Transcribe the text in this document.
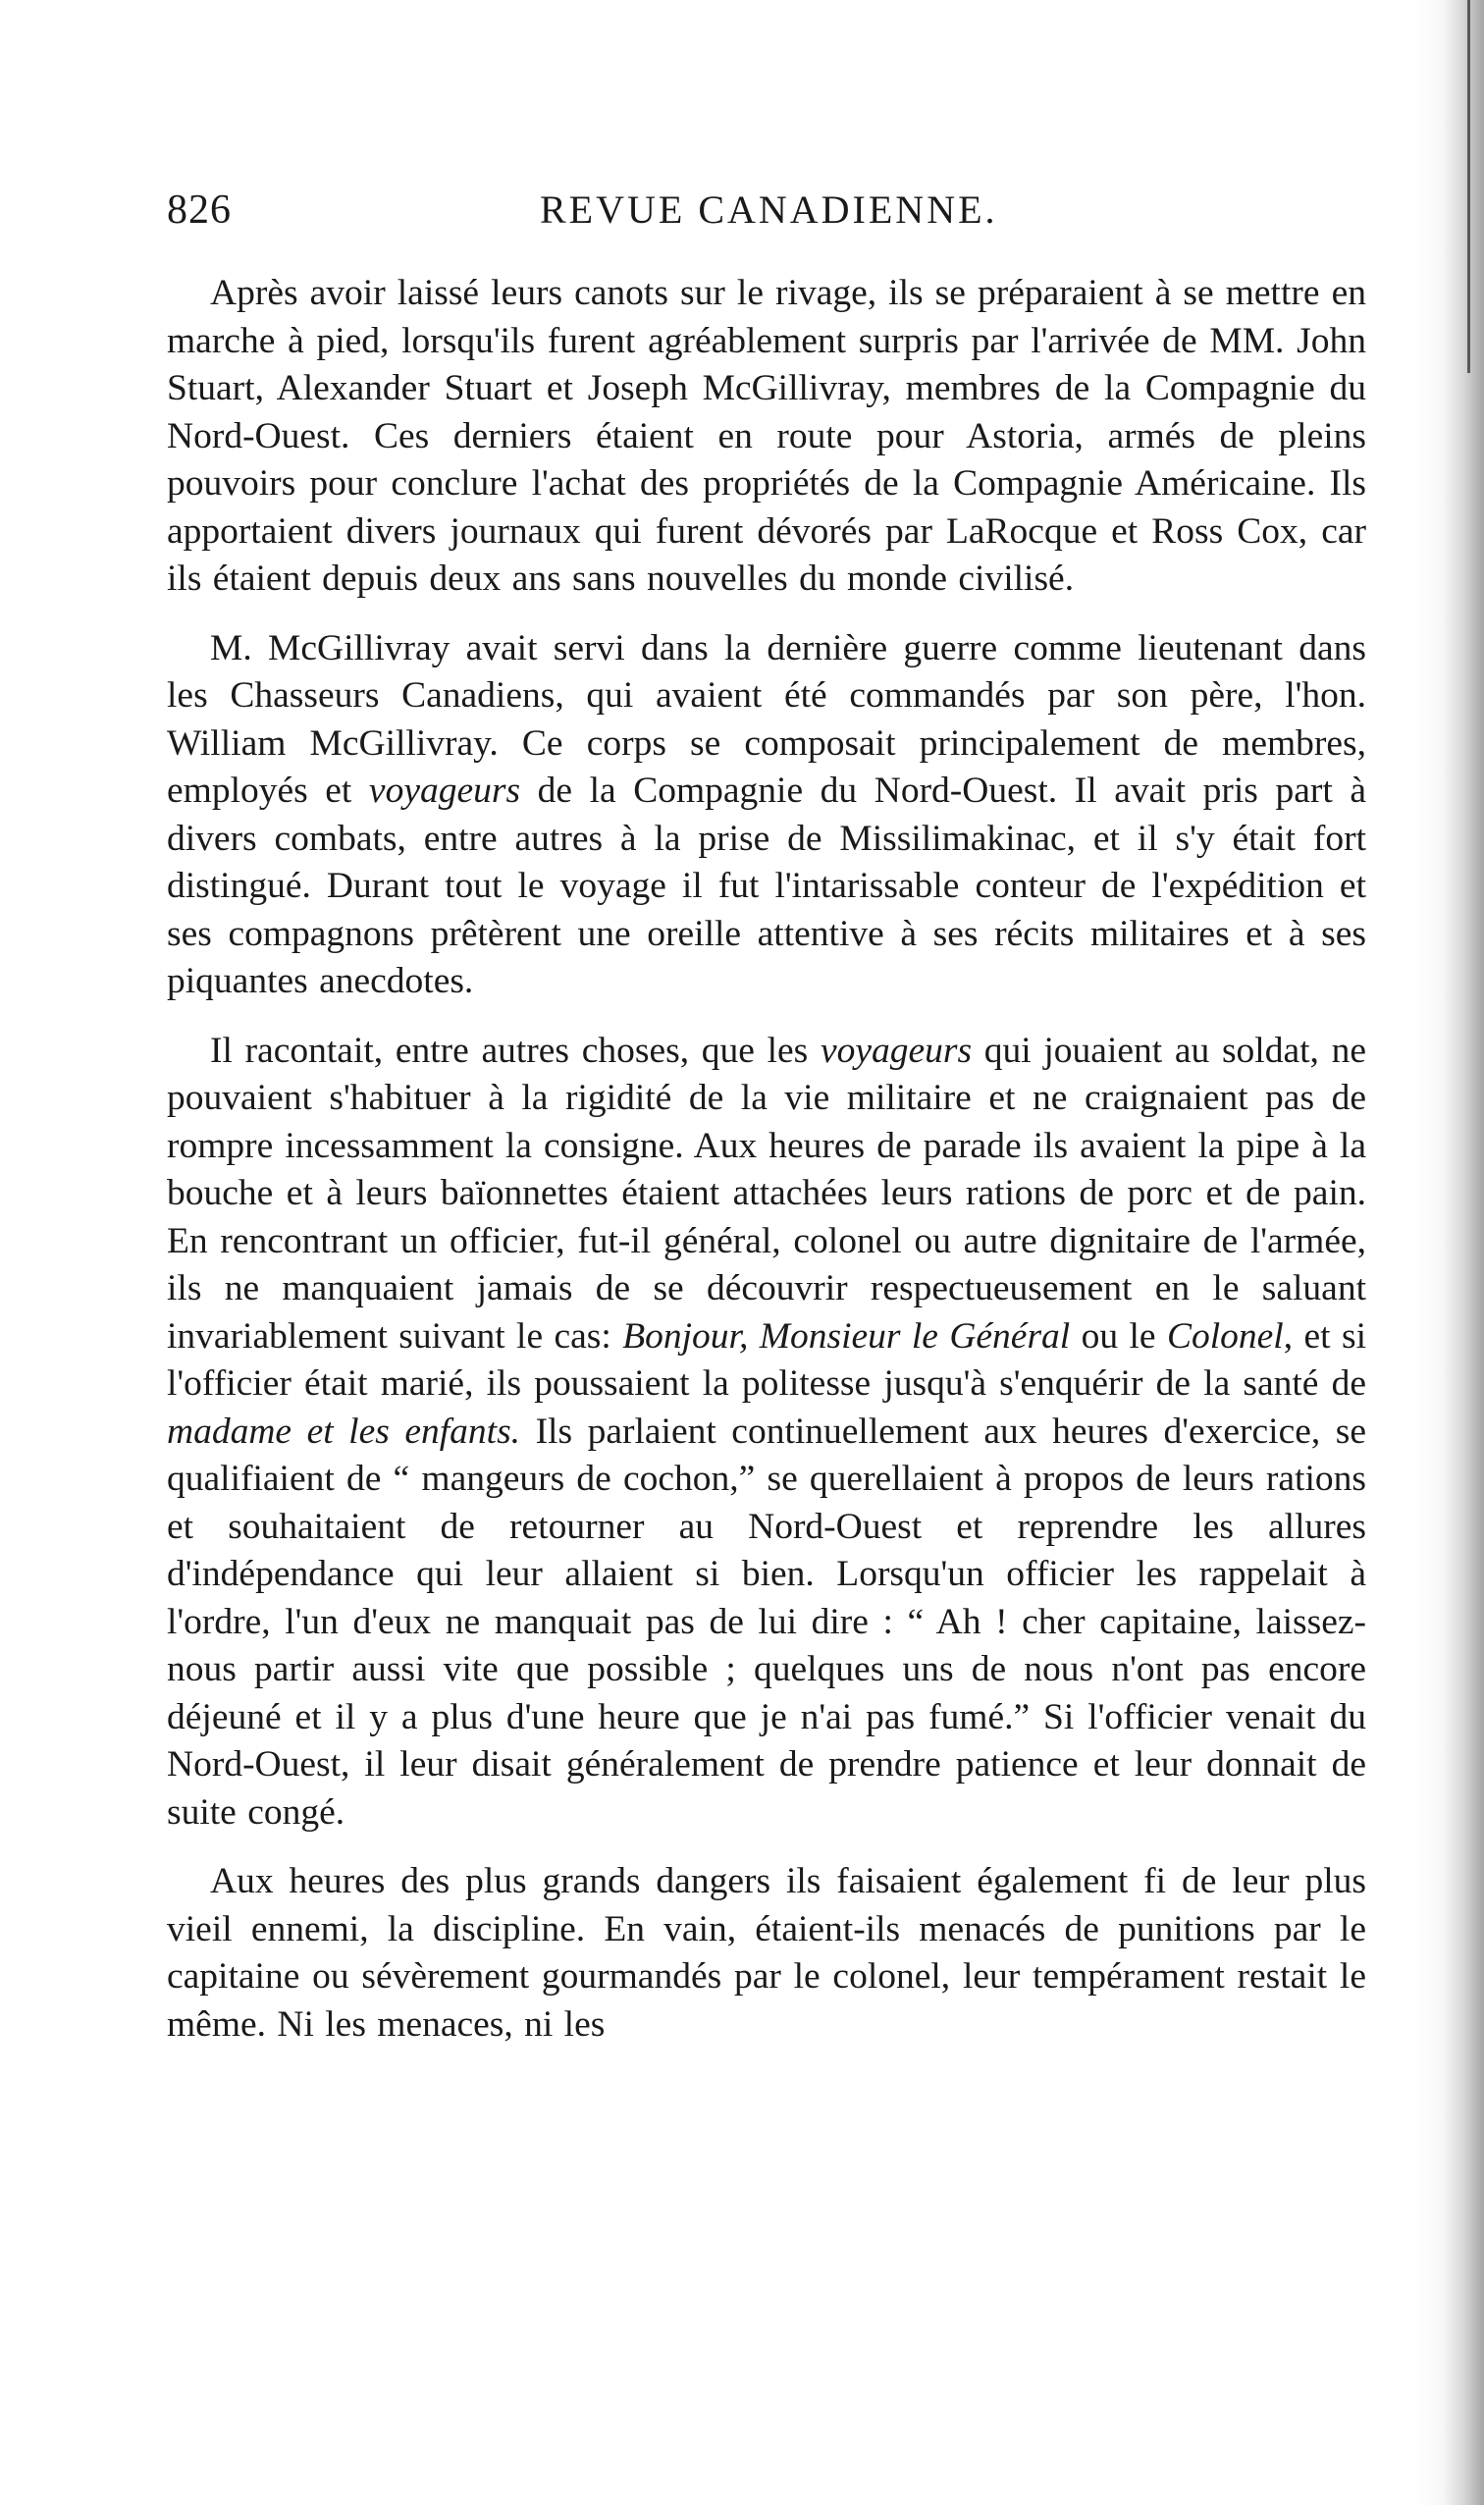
826	REVUE CANADIENNE.

Après avoir laissé leurs canots sur le rivage, ils se préparaient à se mettre en marche à pied, lorsqu'ils furent agréablement surpris par l'arrivée de MM. John Stuart, Alexander Stuart et Joseph McGillivray, membres de la Compagnie du Nord-Ouest. Ces derniers étaient en route pour Astoria, armés de pleins pouvoirs pour conclure l'achat des propriétés de la Compagnie Américaine. Ils apportaient divers journaux qui furent dévorés par LaRocque et Ross Cox, car ils étaient depuis deux ans sans nouvelles du monde civilisé.

M. McGillivray avait servi dans la dernière guerre comme lieutenant dans les Chasseurs Canadiens, qui avaient été commandés par son père, l'hon. William McGillivray. Ce corps se composait principalement de membres, employés et voyageurs de la Compagnie du Nord-Ouest. Il avait pris part à divers combats, entre autres à la prise de Missilimakinac, et il s'y était fort distingué. Durant tout le voyage il fut l'intarissable conteur de l'expédition et ses compagnons prêtèrent une oreille attentive à ses récits militaires et à ses piquantes anecdotes.

Il racontait, entre autres choses, que les voyageurs qui jouaient au soldat, ne pouvaient s'habituer à la rigidité de la vie militaire et ne craignaient pas de rompre incessamment la consigne. Aux heures de parade ils avaient la pipe à la bouche et à leurs baïonnettes étaient attachées leurs rations de porc et de pain. En rencontrant un officier, fut-il général, colonel ou autre dignitaire de l'armée, ils ne manquaient jamais de se découvrir respectueusement en le saluant invariablement suivant le cas: Bonjour, Monsieur le Général ou le Colonel, et si l'officier était marié, ils poussaient la politesse jusqu'à s'enquérir de la santé de madame et les enfants. Ils parlaient continuellement aux heures d'exercice, se qualifiaient de “ mangeurs de cochon,” se querellaient à propos de leurs rations et souhaitaient de retourner au Nord-Ouest et reprendre les allures d'indépendance qui leur allaient si bien. Lorsqu'un officier les rappelait à l'ordre, l'un d'eux ne manquait pas de lui dire : “ Ah ! cher capitaine, laissez-nous partir aussi vite que possible ; quelques uns de nous n'ont pas encore déjeuné et il y a plus d'une heure que je n'ai pas fumé.” Si l'officier venait du Nord-Ouest, il leur disait généralement de prendre patience et leur donnait de suite congé.

Aux heures des plus grands dangers ils faisaient également fi de leur plus vieil ennemi, la discipline. En vain, étaient-ils menacés de punitions par le capitaine ou sévèrement gourmandés par le colonel, leur tempérament restait le même. Ni les menaces, ni les
